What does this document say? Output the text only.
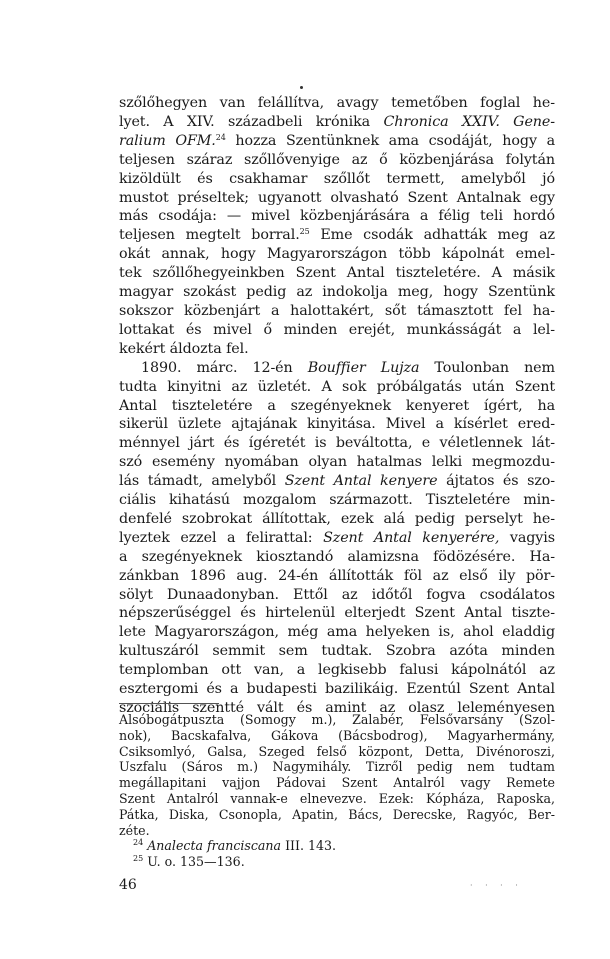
szőlőhegyen van felállítva, avagy temetőben foglal he-

lyet. A XIV. századbeli krónika Chronica XXIV. Gene-

ralium OFM.$^{24}$ hozza Szentünknek ama csodáját, hogy a

teljesen száraz szőllővenyige az ő közbenjárása folytán

kizöldült és csakhamar szőllőt termett, amelyből jó

mustot préseltek; ugyanott olvasható Szent Antalnak egy

más csodája: — mivel közbenjárására a félig teli hordó

teljesen megtelt borral.$^{25}$ Eme csodák adhatták meg az

okát annak, hogy Magyarországon több kápolnát emel-

tek szőllőhegyeinkben Szent Antal tiszteletére. A másik

magyar szokást pedig az indokolja meg, hogy Szentünk

sokszor közbenjárt a halottakért, sőt támasztott fel ha-

lottakat és mivel ő minden erejét, munkásságát a lel-

kekért áldozta fel.

1890. márc. 12-én Bouffier Lujza Toulonban nem

tudta kinyitni az üzletét. A sok próbálgatás után Szent

Antal tiszteletére a szegényeknek kenyeret ígért, ha

sikerül üzlete ajtajának kinyitása. Mivel a kísérlet ered-

ménnyel járt és ígéretét is beváltotta, e véletlennek lát-

szó esemény nyomában olyan hatalmas lelki megmozdu-

lás támadt, amelyből Szent Antal kenyere ájtatos és szo-

ciális kihatású mozgalom származott. Tiszteletére min-

denfelé szobrokat állítottak, ezek alá pedig perselyt he-

lyeztek ezzel a felirattal: Szent Antal kenyerére, vagyis

a szegényeknek kiosztandó alamizsna födözésére. Ha-

zánkban 1896 aug. 24-én állították föl az első ily pör-

sölyt Dunaadonyban. Ettől az időtől fogva csodálatos

népszerűséggel és hirtelenül elterjedt Szent Antal tiszte-

lete Magyarországon, még ama helyeken is, ahol eladdig

kultuszáról semmit sem tudtak. Szobra azóta minden

templomban ott van, a legkisebb falusi kápolnától az

esztergomi és a budapesti bazilikáig. Ezentúl Szent Antal

szociális szentté vált és amint az olasz leleményesen

Alsóbogátpuszta (Somogy m.), Zalabér, Felsővarsány (Szol-
nok), Bacskafalva, Gákova (Bácsbodrog), Magyarhermány,
Csiksomlyó, Galsa, Szeged felső központ, Detta, Divénoroszi,
Uszfalu (Sáros m.) Nagymihály. Tizről pedig nem tudtam
megállapitani vajjon Pádovai Szent Antalról vagy Remete
Szent Antalról vannak-e elnevezve. Ezek: Kópháza, Raposka,
Pátka, Diska, Csonopla, Apatin, Bács, Derecske, Ragyóc, Ber-
zéte.
$^{24}$ Analecta franciscana III. 143.
$^{25}$ U. o. 135—136.
46	· · · ·
